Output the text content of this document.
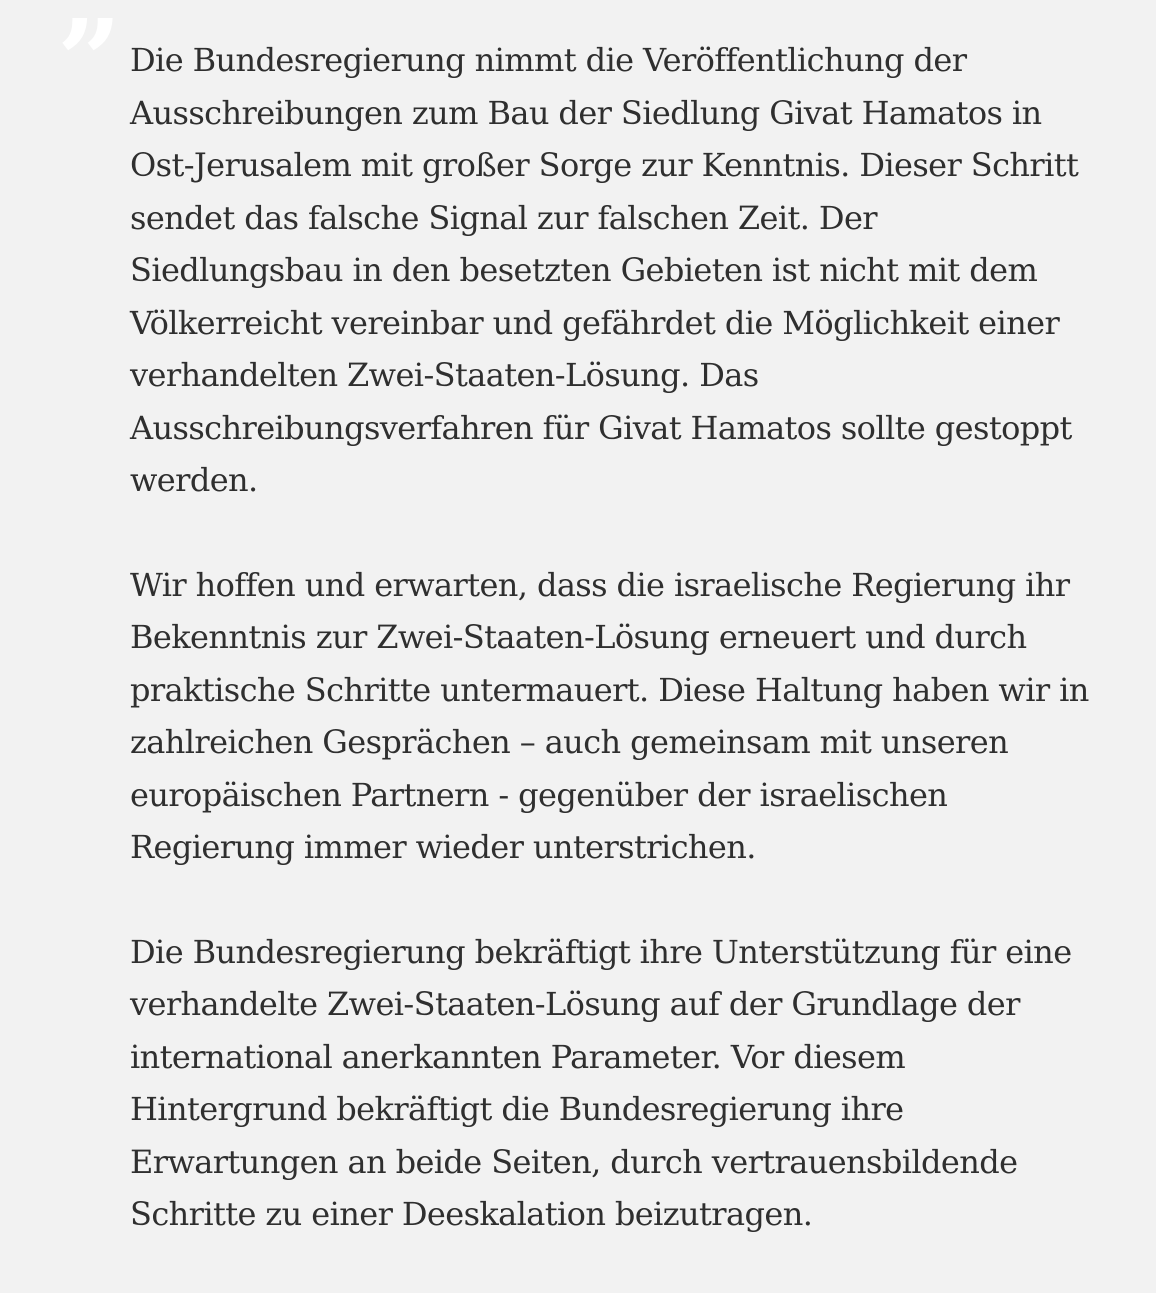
” Die Bundesregierung nimmt die Veröffentlichung der Ausschreibungen zum Bau der Siedlung Givat Hamatos in Ost-Jerusalem mit großer Sorge zur Kenntnis. Dieser Schritt sendet das falsche Signal zur falschen Zeit. Der Siedlungsbau in den besetzten Gebieten ist nicht mit dem Völkerreicht vereinbar und gefährdet die Möglichkeit einer verhandelten Zwei-Staaten-Lösung. Das Ausschreibungsverfahren für Givat Hamatos sollte gestoppt werden.

Wir hoffen und erwarten, dass die israelische Regierung ihr Bekenntnis zur Zwei-Staaten-Lösung erneuert und durch praktische Schritte untermauert. Diese Haltung haben wir in zahlreichen Gesprächen – auch gemeinsam mit unseren europäischen Partnern - gegenüber der israelischen Regierung immer wieder unterstrichen.

Die Bundesregierung bekräftigt ihre Unterstützung für eine verhandelte Zwei-Staaten-Lösung auf der Grundlage der international anerkannten Parameter. Vor diesem Hintergrund bekräftigt die Bundesregierung ihre Erwartungen an beide Seiten, durch vertrauensbildende Schritte zu einer Deeskalation beizutragen.
